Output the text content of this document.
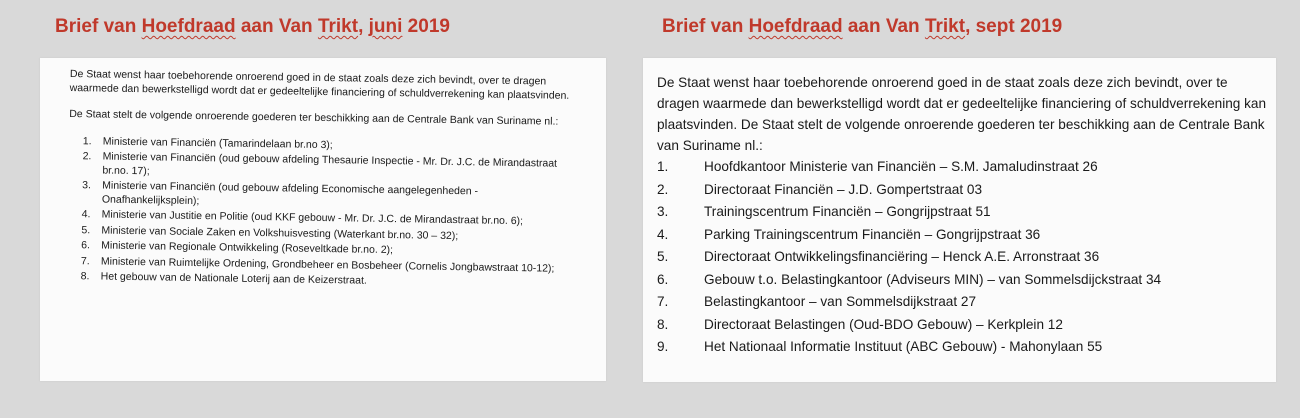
Brief van Hoefdraad aan Van Trikt, juni 2019	Brief van Hoefdraad aan Van Trikt, sept 2019

De Staat wenst haar toebehorende onroerend goed in de staat zoals deze zich bevindt, over te dragen waarmede dan bewerkstelligd wordt dat er gedeeltelijke financiering of schuldverrekening kan plaatsvinden.

De Staat stelt de volgende onroerende goederen ter beschikking aan de Centrale Bank van Suriname nl.:

1. Ministerie van Financiën (Tamarindelaan br.no 3);
2. Ministerie van Financiën (oud gebouw afdeling Thesaurie Inspectie - Mr. Dr. J.C. de Mirandastraat br.no. 17);
3. Ministerie van Financiën (oud gebouw afdeling Economische aangelegenheden - Onafhankelijksplein);
4. Ministerie van Justitie en Politie (oud KKF gebouw - Mr. Dr. J.C. de Mirandastraat br.no. 6);
5. Ministerie van Sociale Zaken en Volkshuisvesting (Waterkant br.no. 30 – 32);
6. Ministerie van Regionale Ontwikkeling (Roseveltkade br.no. 2);
7. Ministerie van Ruimtelijke Ordening, Grondbeheer en Bosbeheer (Cornelis Jongbawstraat 10-12);
8. Het gebouw van de Nationale Loterij aan de Keizerstraat.

De Staat wenst haar toebehorende onroerend goed in de staat zoals deze zich bevindt, over te dragen waarmede dan bewerkstelligd wordt dat er gedeeltelijke financiering of schuldverrekening kan plaatsvinden. De Staat stelt de volgende onroerende goederen ter beschikking aan de Centrale Bank van Suriname nl.:

1.	Hoofdkantoor Ministerie van Financiën – S.M. Jamaludinstraat 26
2.	Directoraat Financiën – J.D. Gompertstraat 03
3.	Trainingscentrum Financiën – Gongrijpstraat 51
4.	Parking Trainingscentrum Financiën – Gongrijpstraat 36
5.	Directoraat Ontwikkelingsfinanciëring – Henck A.E. Arronstraat 36
6.	Gebouw t.o. Belastingkantoor (Adviseurs MIN) – van Sommelsdijckstraat 34
7.	Belastingkantoor – van Sommelsdijkstraat 27
8.	Directoraat Belastingen (Oud-BDO Gebouw) – Kerkplein 12
9.	Het Nationaal Informatie Instituut (ABC Gebouw) - Mahonylaan 55
